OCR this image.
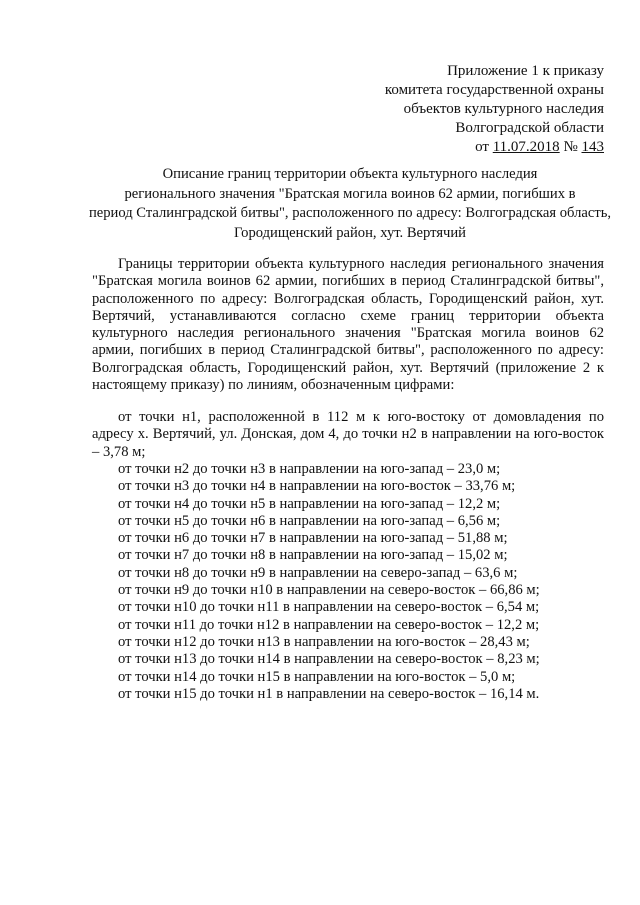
Приложение 1 к приказу
комитета государственной охраны
объектов культурного наследия
Волгоградской области
от 11.07.2018 № 143
Описание границ территории объекта культурного наследия
регионального значения "Братская могила воинов 62 армии, погибших в
период Сталинградской битвы", расположенного по адресу: Волгоградская область,
Городищенский район, хут. Вертячий
Границы территории объекта культурного наследия регионального значения "Братская могила воинов 62 армии, погибших в период Сталинградской битвы", расположенного по адресу: Волгоградская область, Городищенский район, хут. Вертячий, устанавливаются согласно схеме границ территории объекта культурного наследия регионального значения "Братская могила воинов 62 армии, погибших в период Сталинградской битвы", расположенного по адресу: Волгоградская область, Городищенский район, хут. Вертячий (приложение 2 к настоящему приказу) по линиям, обозначенным цифрами:
от точки н1, расположенной в 112 м к юго-востоку от домовладения по адресу х. Вертячий, ул. Донская, дом 4, до точки н2 в направлении на юго-восток – 3,78 м;
от точки н2 до точки н3 в направлении на юго-запад – 23,0 м;
от точки н3 до точки н4 в направлении на юго-восток – 33,76 м;
от точки н4 до точки н5 в направлении на юго-запад – 12,2 м;
от точки н5 до точки н6 в направлении на юго-запад – 6,56 м;
от точки н6 до точки н7 в направлении на юго-запад – 51,88 м;
от точки н7 до точки н8 в направлении на юго-запад – 15,02 м;
от точки н8 до точки н9 в направлении на северо-запад – 63,6 м;
от точки н9 до точки н10 в направлении на северо-восток – 66,86 м;
от точки н10 до точки н11 в направлении на северо-восток – 6,54 м;
от точки н11 до точки н12 в направлении на северо-восток – 12,2 м;
от точки н12 до точки н13 в направлении на юго-восток – 28,43 м;
от точки н13 до точки н14 в направлении на северо-восток – 8,23 м;
от точки н14 до точки н15 в направлении на юго-восток – 5,0 м;
от точки н15 до точки н1 в направлении на северо-восток – 16,14 м.
